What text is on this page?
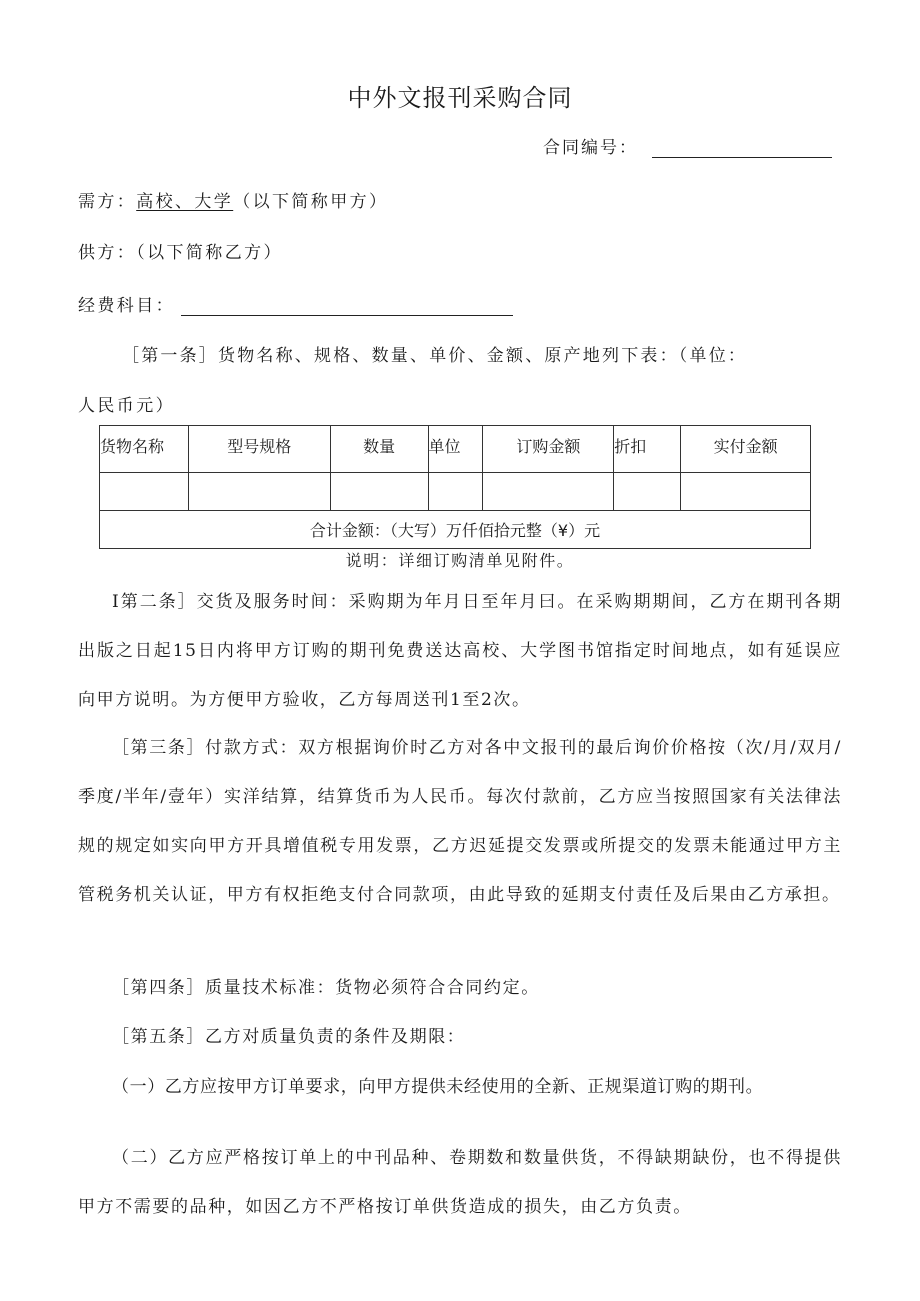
中外文报刊采购合同
合同编号：
需方：高校、大学（以下简称甲方）
供方：（以下简称乙方）
经费科目：
［第一条］货物名称、规格、数量、单价、金额、原产地列下表：（单位：
人民币元）
货物名称	型号规格	数量	单位	订购金额	折扣	实付金额

合计金额：（大写）万仟佰拾元整（¥）元						
说明：详细订购清单见附件。
I第二条］交货及服务时间：采购期为年月日至年月曰。在采购期期间，乙方在期刊各期出版之日起15日内将甲方订购的期刊免费送达高校、大学图书馆指定时间地点，如有延误应向甲方说明。为方便甲方验收，乙方每周送刊1至2次。
［第三条］付款方式：双方根据询价时乙方对各中文报刊的最后询价价格按（次/月/双月/季度/半年/壹年）实洋结算，结算货币为人民币。每次付款前，乙方应当按照国家有关法律法规的规定如实向甲方开具增值税专用发票，乙方迟延提交发票或所提交的发票未能通过甲方主管税务机关认证，甲方有权拒绝支付合同款项，由此导致的延期支付责任及后果由乙方承担。
［第四条］质量技术标准：货物必须符合合同约定。
［第五条］乙方对质量负责的条件及期限：
（一）乙方应按甲方订单要求，向甲方提供未经使用的全新、正规渠道订购的期刊。
（二）乙方应严格按订单上的中刊品种、卷期数和数量供货，不得缺期缺份，也不得提供甲方不需要的品种，如因乙方不严格按订单供货造成的损失，由乙方负责。
